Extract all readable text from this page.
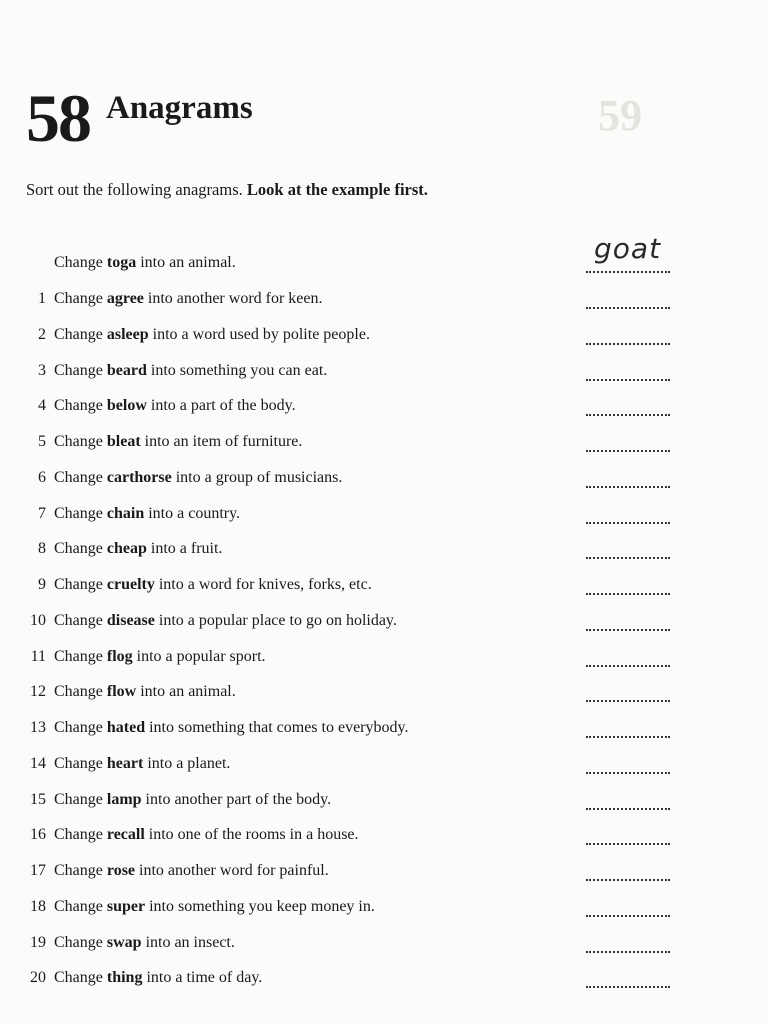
59
58 Anagrams
Sort out the following anagrams. Look at the example first.
Change toga into an animal.	goat
1 Change agree into another word for keen.
2 Change asleep into a word used by polite people.
3 Change beard into something you can eat.
4 Change below into a part of the body.
5 Change bleat into an item of furniture.
6 Change carthorse into a group of musicians.
7 Change chain into a country.
8 Change cheap into a fruit.
9 Change cruelty into a word for knives, forks, etc.
10 Change disease into a popular place to go on holiday.
11 Change flog into a popular sport.
12 Change flow into an animal.
13 Change hated into something that comes to everybody.
14 Change heart into a planet.
15 Change lamp into another part of the body.
16 Change recall into one of the rooms in a house.
17 Change rose into another word for painful.
18 Change super into something you keep money in.
19 Change swap into an insect.
20 Change thing into a time of day.
